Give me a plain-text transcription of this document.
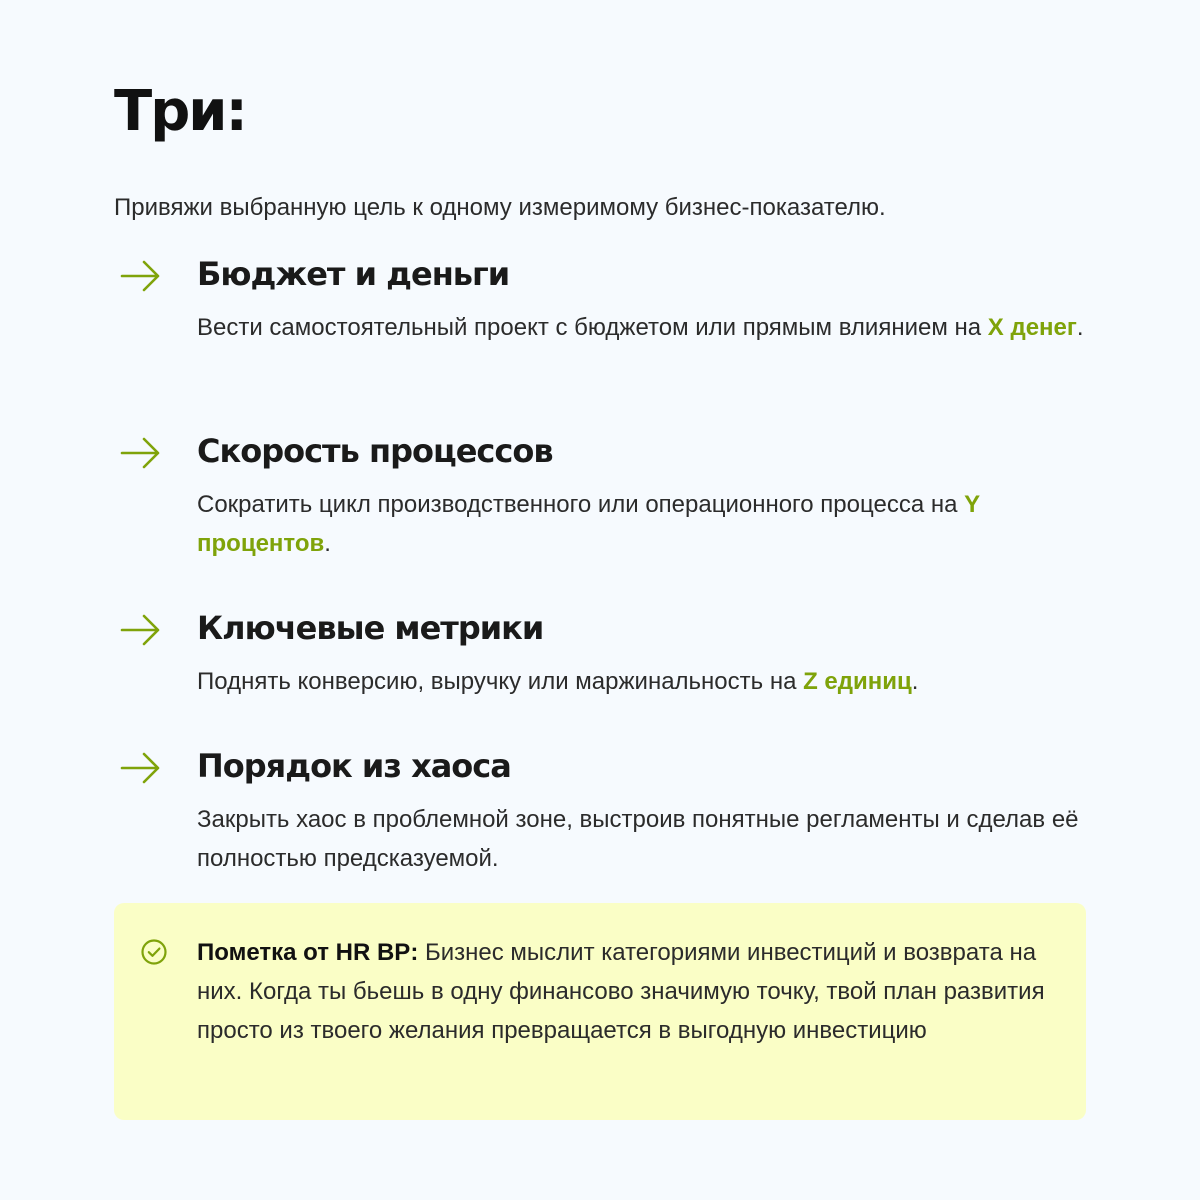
Три:

Привяжи выбранную цель к одному измеримому бизнес-показателю.

Бюджет и деньги

Вести самостоятельный проект с бюджетом или прямым влиянием на X денег.

Скорость процессов

Сократить цикл производственного или операционного процесса на Y процентов.

Ключевые метрики

Поднять конверсию, выручку или маржинальность на Z единиц.

Порядок из хаоса

Закрыть хаос в проблемной зоне, выстроив понятные регламенты и сделав её полностью предсказуемой.

Пометка от HR BP: Бизнес мыслит категориями инвестиций и возврата на них. Когда ты бьешь в одну финансово значимую точку, твой план развития просто из твоего желания превращается в выгодную инвестицию
